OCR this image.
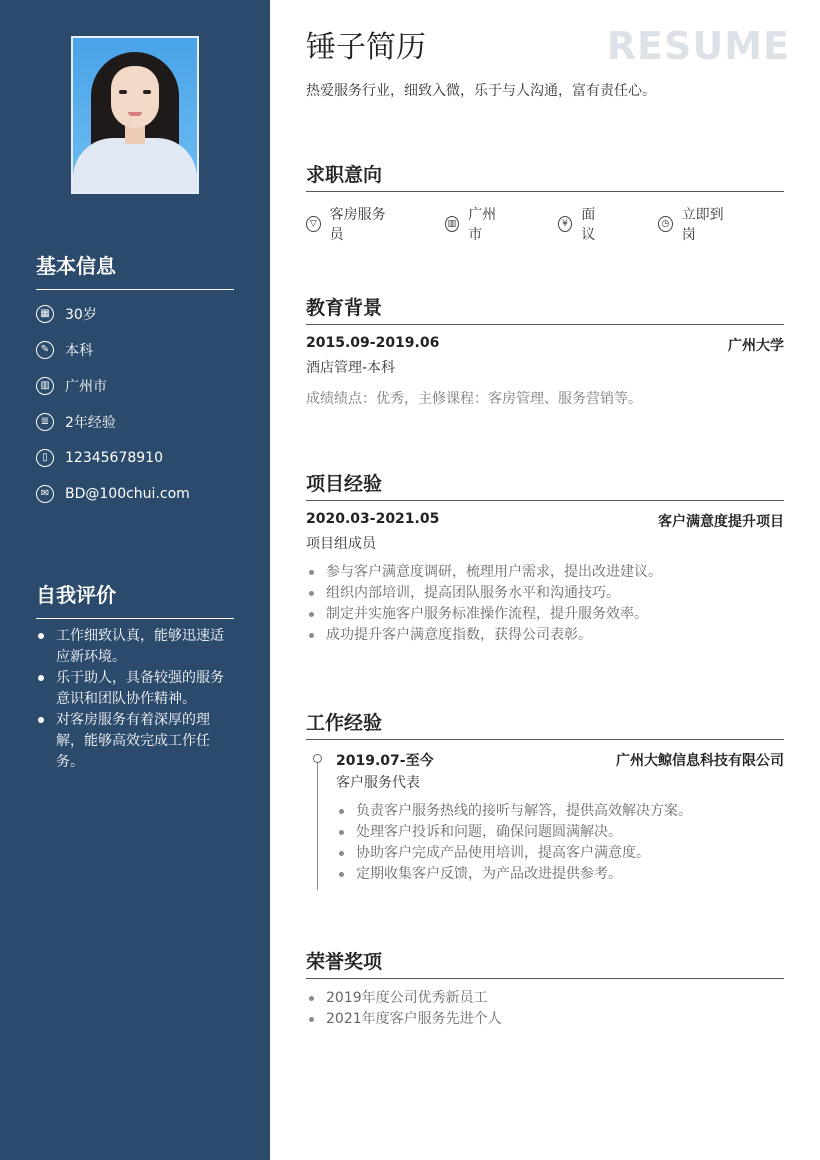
基本信息
▦	30岁
✎	本科
▥	广州市
≣	2年经验
▯	12345678910
✉	BD@100chui.com
自我评价
工作细致认真，能够迅速适应新环境。
乐于助人，具备较强的服务意识和团队协作精神。
对客房服务有着深厚的理解，能够高效完成工作任务。
锤子简历	RESUME
热爱服务行业，细致入微，乐于与人沟通，富有责任心。
求职意向
▽
客房服务员
▥
广州市
¥
面议
◷
立即到岗
教育背景
2015.09-2019.06	广州大学
酒店管理-本科
成绩绩点：优秀，主修课程：客房管理、服务营销等。
项目经验
2020.03-2021.05	客户满意度提升项目
项目组成员
参与客户满意度调研，梳理用户需求，提出改进建议。
组织内部培训，提高团队服务水平和沟通技巧。
制定并实施客户服务标准操作流程，提升服务效率。
成功提升客户满意度指数，获得公司表彰。
工作经验
2019.07-至今	广州大鲸信息科技有限公司
客户服务代表
负责客户服务热线的接听与解答，提供高效解决方案。
处理客户投诉和问题，确保问题圆满解决。
协助客户完成产品使用培训，提高客户满意度。
定期收集客户反馈，为产品改进提供参考。
荣誉奖项
2019年度公司优秀新员工
2021年度客户服务先进个人
